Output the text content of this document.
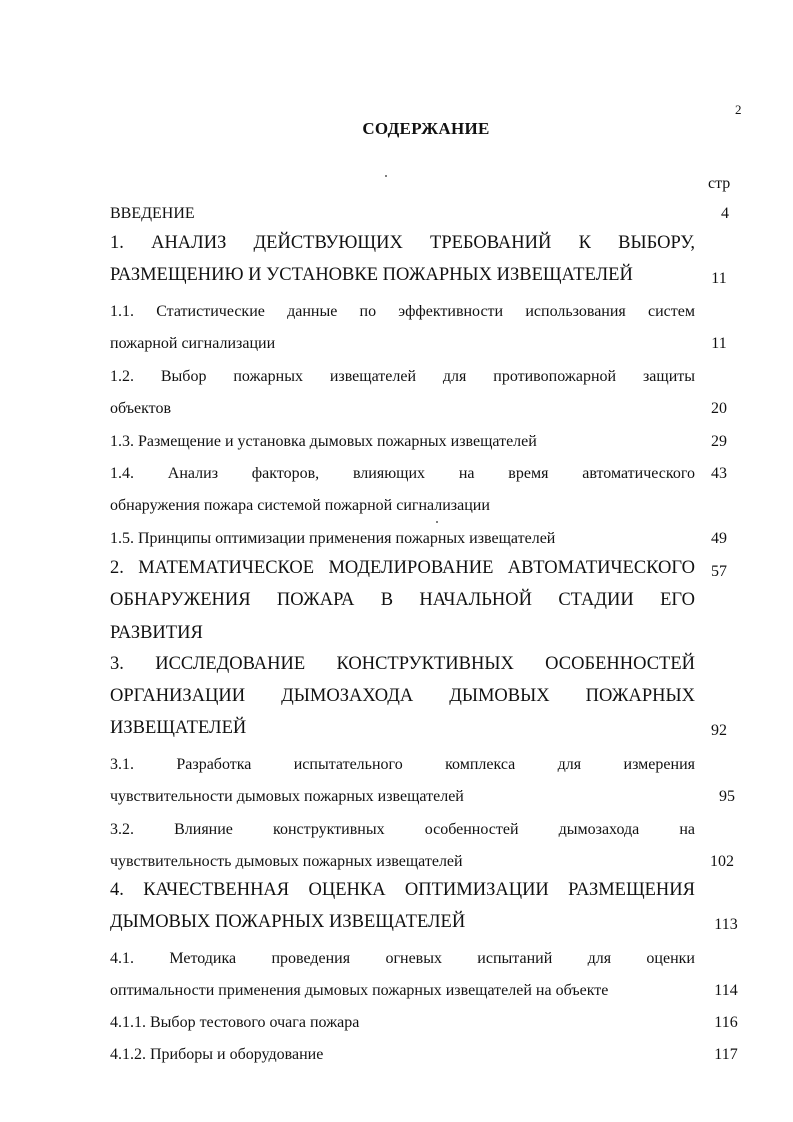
2
СОДЕРЖАНИЕ
стр
ВВЕДЕНИЕ	4
1. АНАЛИЗ ДЕЙСТВУЮЩИХ ТРЕБОВАНИЙ К ВЫБОРУ,
РАЗМЕЩЕНИЮ И УСТАНОВКЕ ПОЖАРНЫХ ИЗВЕЩАТЕЛЕЙ	11
1.1. Статистические данные по эффективности использования систем
пожарной сигнализации	11
1.2. Выбор пожарных извещателей для противопожарной защиты
объектов	20
1.3. Размещение и установка дымовых пожарных извещателей	29
1.4. Анализ факторов, влияющих на время автоматического	43
обнаружения пожара системой пожарной сигнализации
1.5. Принципы оптимизации применения пожарных извещателей	49
2. МАТЕМАТИЧЕСКОЕ МОДЕЛИРОВАНИЕ АВТОМАТИЧЕСКОГО	57
ОБНАРУЖЕНИЯ ПОЖАРА В НАЧАЛЬНОЙ СТАДИИ ЕГО
РАЗВИТИЯ
3. ИССЛЕДОВАНИЕ КОНСТРУКТИВНЫХ ОСОБЕННОСТЕЙ
ОРГАНИЗАЦИИ ДЫМОЗАХОДА ДЫМОВЫХ ПОЖАРНЫХ
ИЗВЕЩАТЕЛЕЙ	92
3.1. Разработка испытательного комплекса для измерения
чувствительности дымовых пожарных извещателей	95
3.2. Влияние конструктивных особенностей дымозахода на
чувствительность дымовых пожарных извещателей	102
4. КАЧЕСТВЕННАЯ ОЦЕНКА ОПТИМИЗАЦИИ РАЗМЕЩЕНИЯ
ДЫМОВЫХ ПОЖАРНЫХ ИЗВЕЩАТЕЛЕЙ	113
4.1. Методика проведения огневых испытаний для оценки
оптимальности применения дымовых пожарных извещателей на объекте	114
4.1.1. Выбор тестового очага пожара	116
4.1.2. Приборы и оборудование	117
